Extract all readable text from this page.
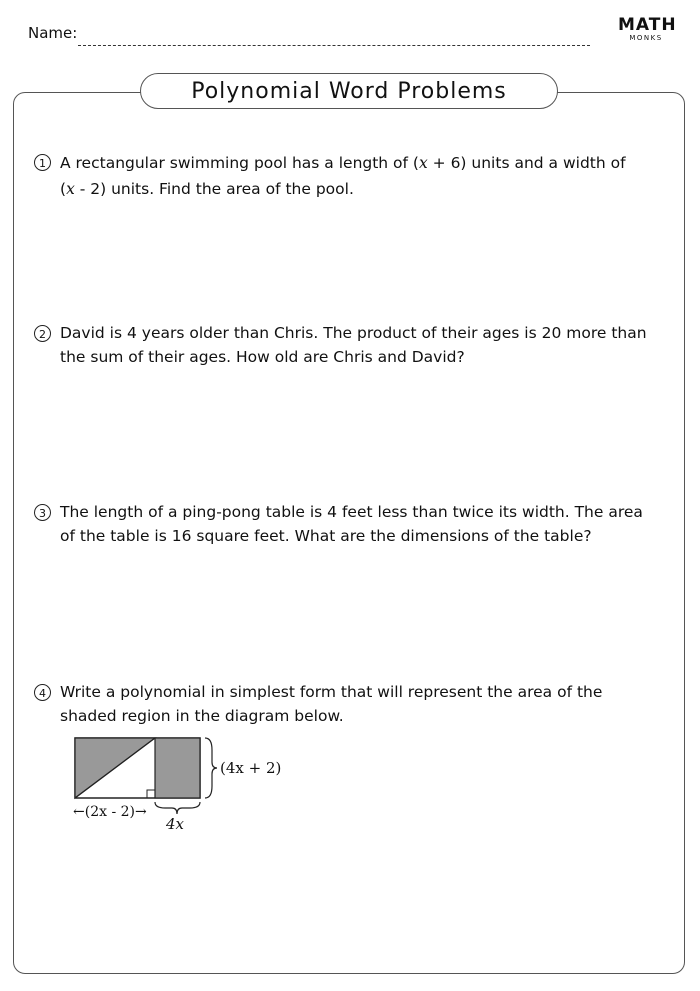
Name:	MATH
MONKS
Polynomial Word Problems
1 A rectangular swimming pool has a length of (x + 6) units and a width of
(x - 2) units. Find the area of the pool.
2 David is 4 years older than Chris. The product of their ages is 20 more than
the sum of their ages. How old are Chris and David?
3 The length of a ping-pong table is 4 feet less than twice its width. The area
of the table is 16 square feet. What are the dimensions of the table?
4 Write a polynomial in simplest form that will represent the area of the
shaded region in the diagram below.
(4x + 2)
←(2x - 2)→
4x
